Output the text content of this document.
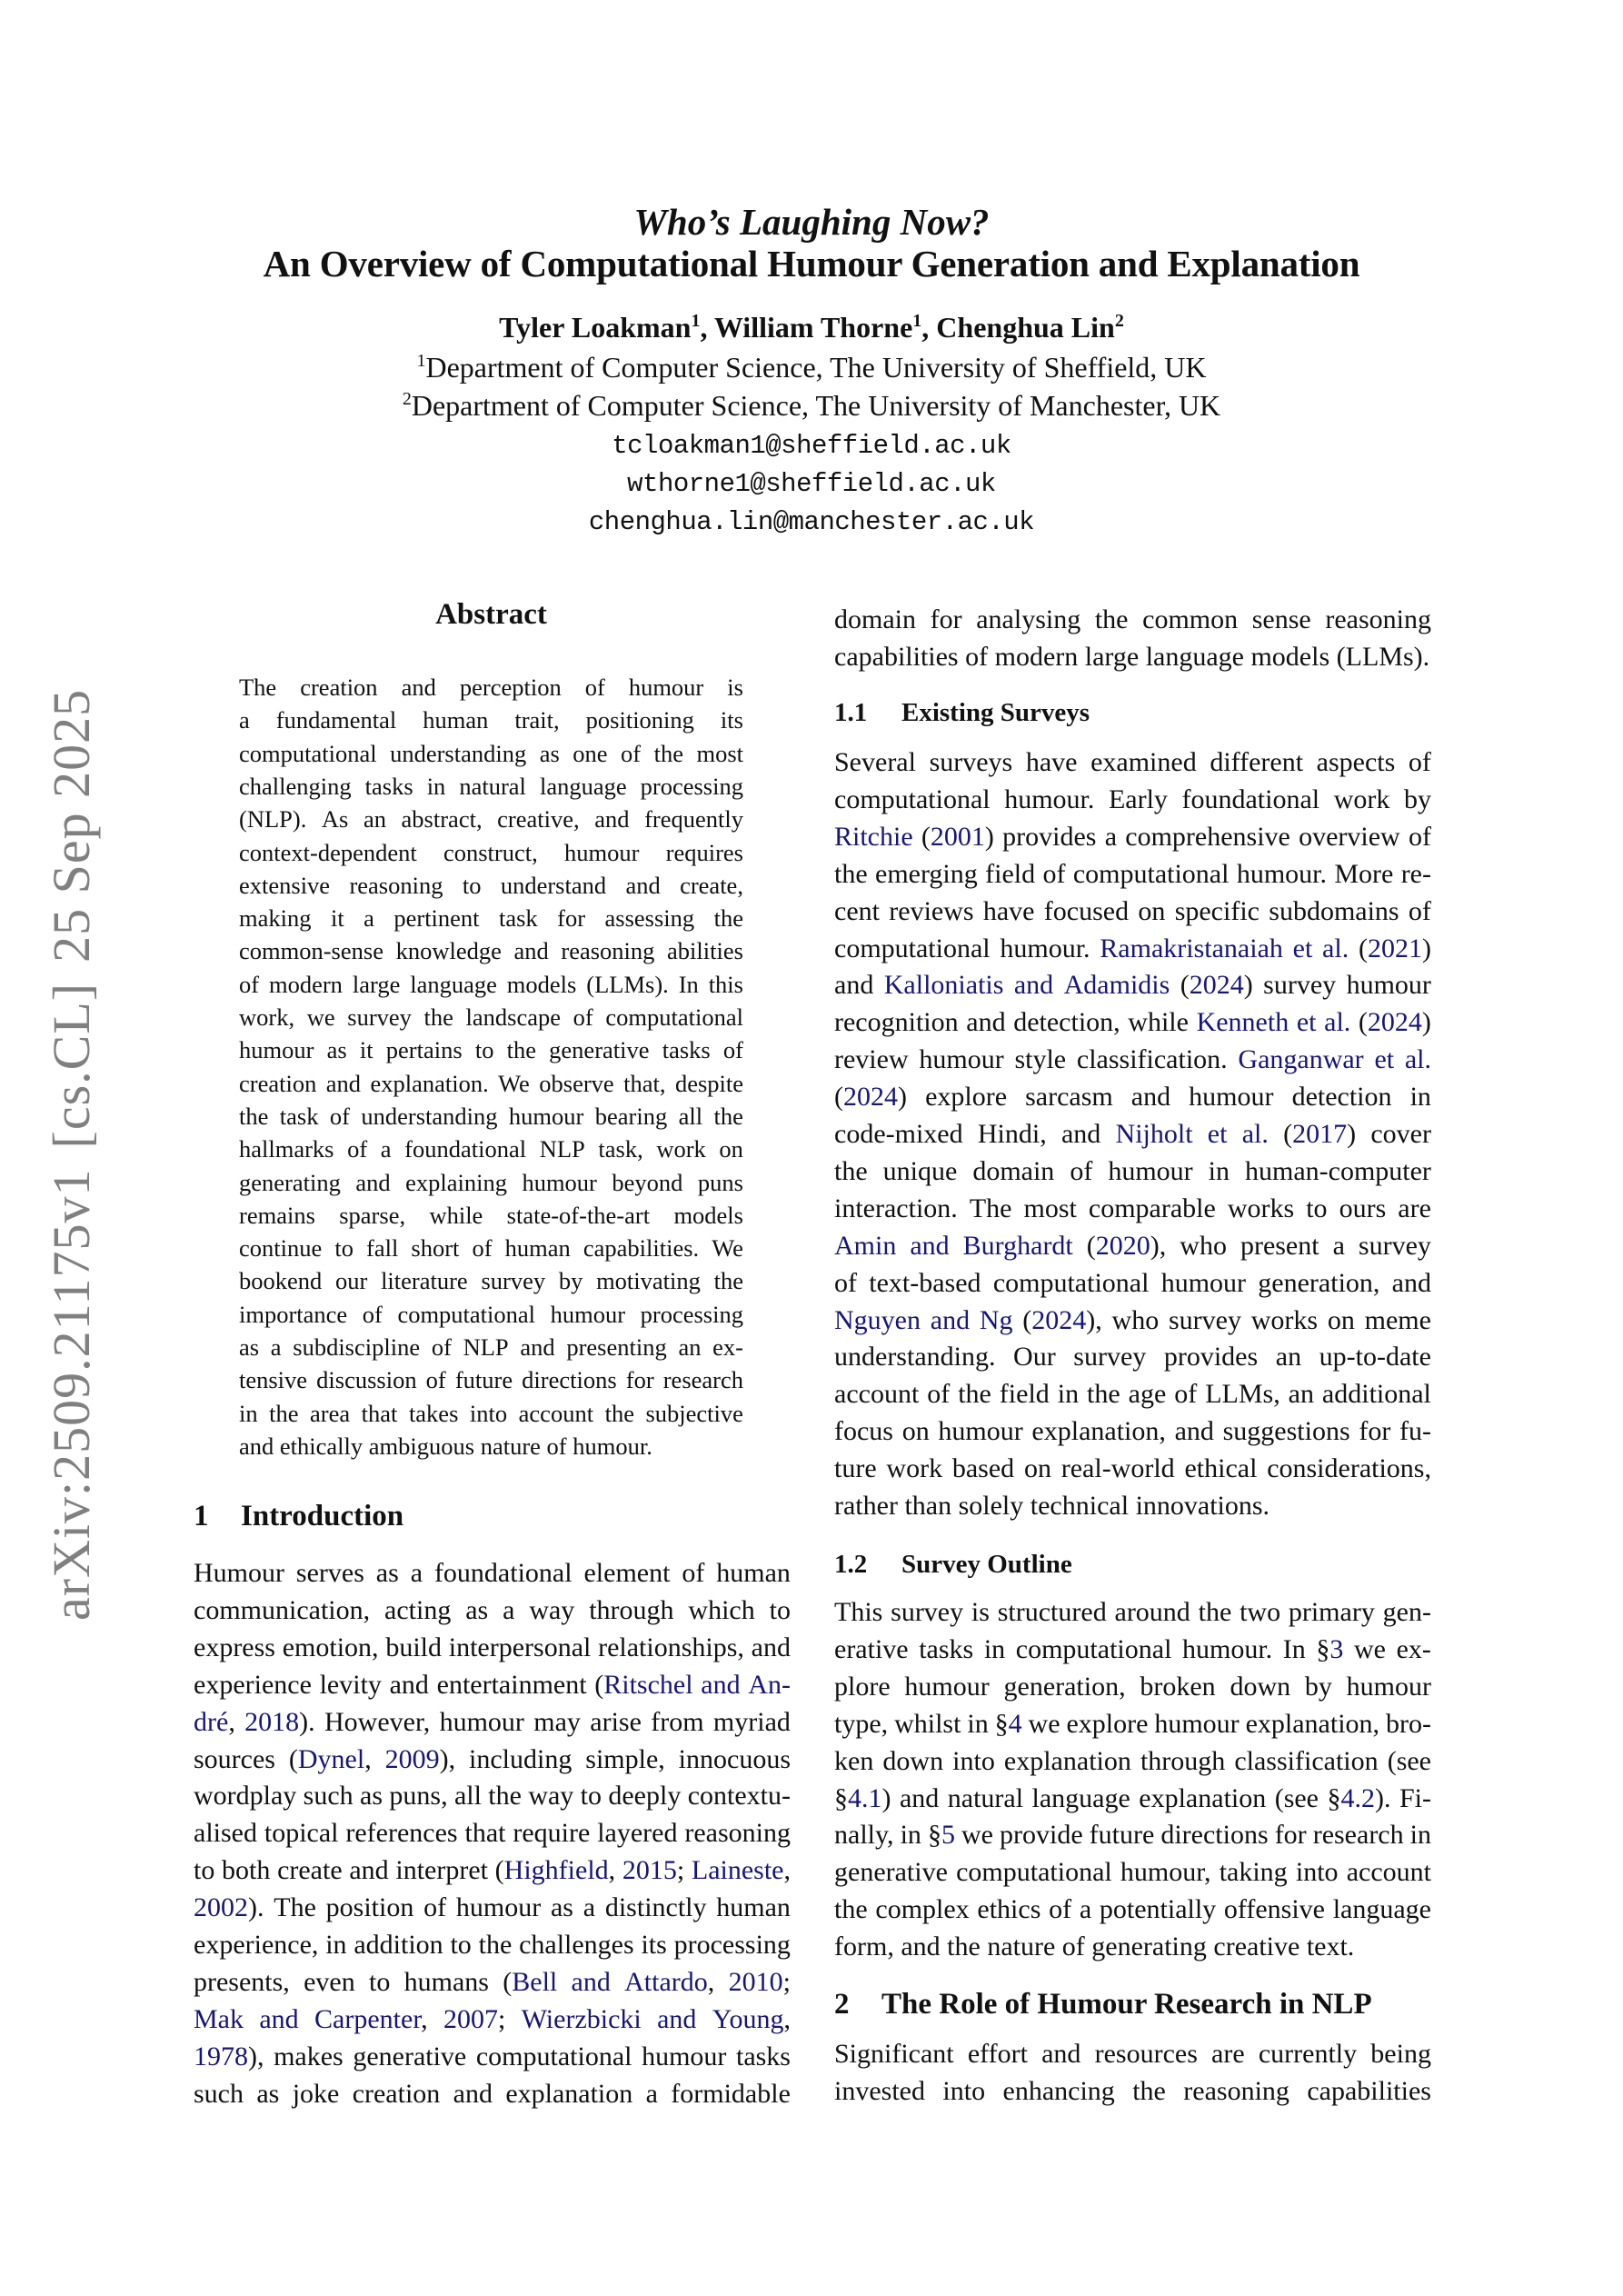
arXiv:2509.21175v1[cs.CL]25 Sep 2025
Who’s Laughing Now?
An Overview of Computational Humour Generation and Explanation
Tyler Loakman$^1$, William Thorne$^1$, Chenghua Lin$^2$
$^1$Department of Computer Science, The University of Sheffield, UK
$^2$Department of Computer Science, The University of Manchester, UK
tcloakman1@sheffield.ac.uk
wthorne1@sheffield.ac.uk
chenghua.lin@manchester.ac.uk
Abstract
The creation and perception of humour is
a fundamental human trait, positioning its
computational understanding as one of the most
challenging tasks in natural language processing
(NLP). As an abstract, creative, and frequently
context-dependent construct, humour requires
extensive reasoning to understand and create,
making it a pertinent task for assessing the
common-sense knowledge and reasoning abilities
of modern large language models (LLMs). In this
work, we survey the landscape of computational
humour as it pertains to the generative tasks of
creation and explanation. We observe that, despite
the task of understanding humour bearing all the
hallmarks of a foundational NLP task, work on
generating and explaining humour beyond puns
remains sparse, while state-of-the-art models
continue to fall short of human capabilities. We
bookend our literature survey by motivating the
importance of computational humour processing
as a subdiscipline of NLP and presenting an ex-
tensive discussion of future directions for research
in the area that takes into account the subjective
and ethically ambiguous nature of humour.
1 Introduction
Humour serves as a foundational element of human
communication, acting as a way through which to
express emotion, build interpersonal relationships, and
experience levity and entertainment (Ritschel and An-
dré, 2018). However, humour may arise from myriad
sources (Dynel, 2009), including simple, innocuous
wordplay such as puns, all the way to deeply contextu-
alised topical references that require layered reasoning
to both create and interpret (Highfield, 2015; Laineste,
2002). The position of humour as a distinctly human
experience, in addition to the challenges its processing
presents, even to humans (Bell and Attardo, 2010;
Mak and Carpenter, 2007; Wierzbicki and Young,
1978), makes generative computational humour tasks
such as joke creation and explanation a formidable
domain for analysing the common sense reasoning
capabilities of modern large language models (LLMs).
1.1 Existing Surveys
Several surveys have examined different aspects of
computational humour. Early foundational work by
Ritchie (2001) provides a comprehensive overview of
the emerging field of computational humour. More re-
cent reviews have focused on specific subdomains of
computational humour. Ramakristanaiah et al. (2021)
and Kalloniatis and Adamidis (2024) survey humour
recognition and detection, while Kenneth et al. (2024)
review humour style classification. Ganganwar et al.
(2024) explore sarcasm and humour detection in
code-mixed Hindi, and Nijholt et al. (2017) cover
the unique domain of humour in human-computer
interaction. The most comparable works to ours are
Amin and Burghardt (2020), who present a survey
of text-based computational humour generation, and
Nguyen and Ng (2024), who survey works on meme
understanding. Our survey provides an up-to-date
account of the field in the age of LLMs, an additional
focus on humour explanation, and suggestions for fu-
ture work based on real-world ethical considerations,
rather than solely technical innovations.
1.2 Survey Outline
This survey is structured around the two primary gen-
erative tasks in computational humour. In §3 we ex-
plore humour generation, broken down by humour
type, whilst in §4 we explore humour explanation, bro-
ken down into explanation through classification (see
§4.1) and natural language explanation (see §4.2). Fi-
nally, in §5 we provide future directions for research in
generative computational humour, taking into account
the complex ethics of a potentially offensive language
form, and the nature of generating creative text.
2 The Role of Humour Research in NLP
Significant effort and resources are currently being
invested into enhancing the reasoning capabilities
